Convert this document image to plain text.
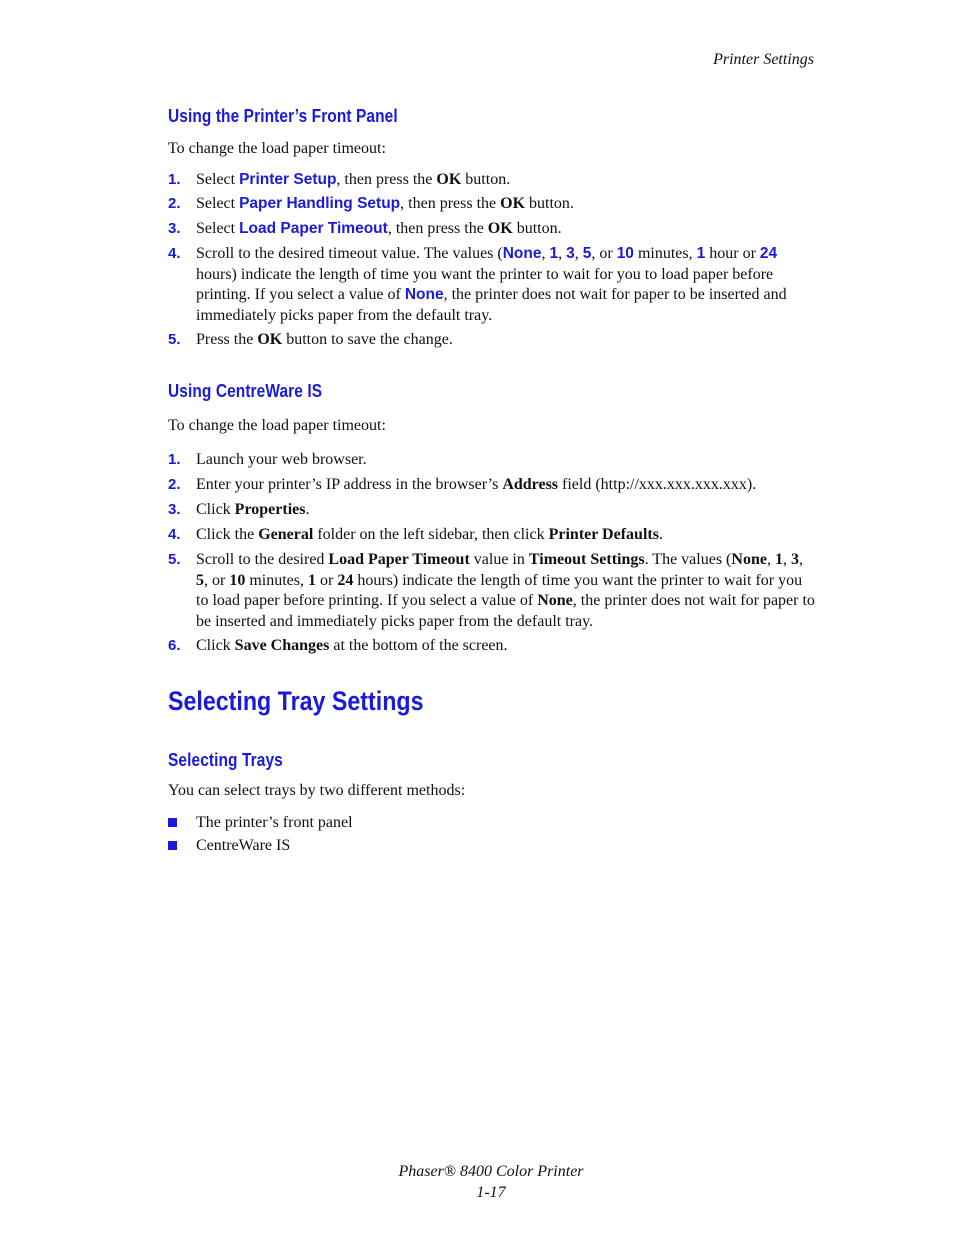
Printer Settings
Using the Printer’s Front Panel
To change the load paper timeout:
1. Select Printer Setup, then press the OK button.
2. Select Paper Handling Setup, then press the OK button.
3. Select Load Paper Timeout, then press the OK button.
4. Scroll to the desired timeout value. The values (None, 1, 3, 5, or 10 minutes, 1 hour or 24 hours) indicate the length of time you want the printer to wait for you to load paper before printing. If you select a value of None, the printer does not wait for paper to be inserted and immediately picks paper from the default tray.
5. Press the OK button to save the change.
Using CentreWare IS
To change the load paper timeout:
1. Launch your web browser.
2. Enter your printer’s IP address in the browser’s Address field (http://xxx.xxx.xxx.xxx).
3. Click Properties.
4. Click the General folder on the left sidebar, then click Printer Defaults.
5. Scroll to the desired Load Paper Timeout value in Timeout Settings. The values (None, 1, 3, 5, or 10 minutes, 1 or 24 hours) indicate the length of time you want the printer to wait for you to load paper before printing. If you select a value of None, the printer does not wait for paper to be inserted and immediately picks paper from the default tray.
6. Click Save Changes at the bottom of the screen.
Selecting Tray Settings
Selecting Trays
You can select trays by two different methods:
The printer’s front panel
CentreWare IS
Phaser® 8400 Color Printer
1-17
